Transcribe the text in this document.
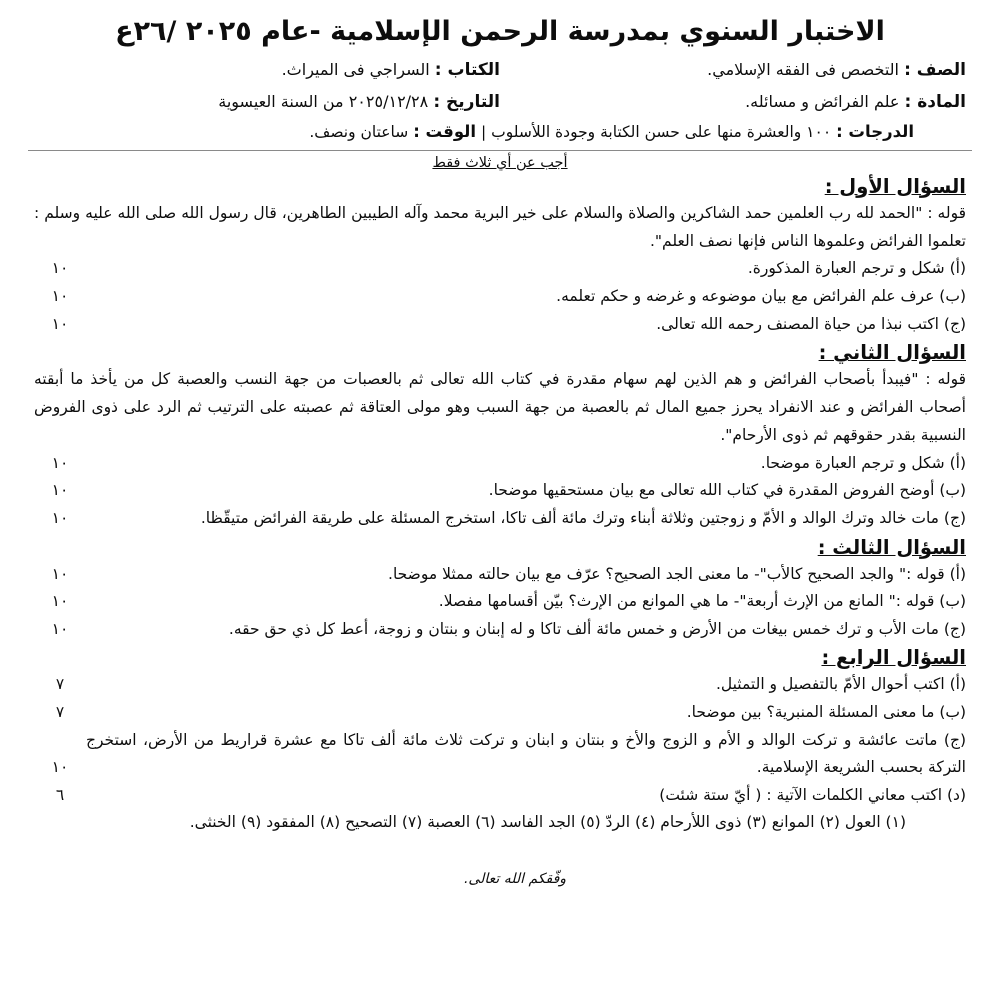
الاختبار السنوي بمدرسة الرحمن الإسلامية -عام ٢٠٢٥ /٢٦ع
الصف : التخصص فى الفقه الإسلامي.
الكتاب : السراجي فى الميراث.
المادة : علم الفرائض و مسائله.
التاريخ : ٢٠٢٥/١٢/٢٨ من السنة العيسوية
الدرجات : ١٠٠ والعشرة منها على حسن الكتابة وجودة اللأسلوب | الوقت : ساعتان ونصف.
أجب عن أي ثلاث فقط
السؤال الأول :

قوله : "الحمد لله رب العلمين حمد الشاكرين والصلاة والسلام على خير البرية محمد وآله الطيبين الطاهرين، قال رسول الله صلى الله عليه وسلم : تعلموا الفرائض وعلموها الناس فإنها نصف العلم".

(أ) شكل و ترجم العبارة المذكورة.
١٠
(ب) عرف علم الفرائض مع بيان موضوعه و غرضه و حكم تعلمه.
١٠
(ج) اكتب نبذا من حياة المصنف رحمه الله تعالى.
١٠
السؤال الثاني :

قوله : "فيبدأ بأصحاب الفرائض و هم الذين لهم سهام مقدرة في كتاب الله تعالى ثم بالعصبات من جهة النسب والعصبة كل من يأخذ ما أبقته أصحاب الفرائض و عند الانفراد يحرز جميع المال ثم بالعصبة من جهة السبب وهو مولى العتاقة ثم عصبته على الترتيب ثم الرد على ذوى الفروض النسبية بقدر حقوقهم ثم ذوى الأرحام".

(أ) شكل و ترجم العبارة موضحا.
١٠
(ب) أوضح الفروض المقدرة في كتاب الله تعالى مع بيان مستحقيها موضحا.
١٠
(ج) مات خالد وترك الوالد و الأمّ و زوجتين وثلاثة أبناء وترك مائة ألف تاكا، استخرج المسئلة على طريقة الفرائض متيقّظا.
١٠
السؤال الثالث :
(أ) قوله :" والجد الصحيح كالأب"- ما معنى الجد الصحيح؟ عرّف مع بيان حالته ممثلا موضحا.
١٠
(ب) قوله :" المانع من الإرث أربعة"- ما هي الموانع من الإرث؟ بيّن أقسامها مفصلا.
١٠
(ج) مات الأب و ترك خمس بيغات من الأرض و خمس مائة ألف تاكا و له إبنان و بنتان و زوجة، أعط كل ذي حق حقه.
١٠
السؤال الرابع :
(أ) اكتب أحوال الأمّ بالتفصيل و التمثيل.
٧
(ب) ما معنى المسئلة المنبرية؟ بين موضحا.
٧
(ج) ماتت عائشة و تركت الوالد و الأم و الزوج والأخ و بنتان و ابنان و تركت ثلاث مائة ألف تاكا مع عشرة قراريط من الأرض، استخرج التركة بحسب الشريعة الإسلامية.
١٠
(د) اكتب معاني الكلمات الآتية : ( أيّ ستة شئت)
٦

(١) العول (٢) الموانع (٣) ذوى اللأرحام (٤) الردّ (٥) الجد الفاسد (٦) العصبة (٧) التصحيح (٨) المفقود (٩) الخنثى.

وفّقكم الله تعالى.
